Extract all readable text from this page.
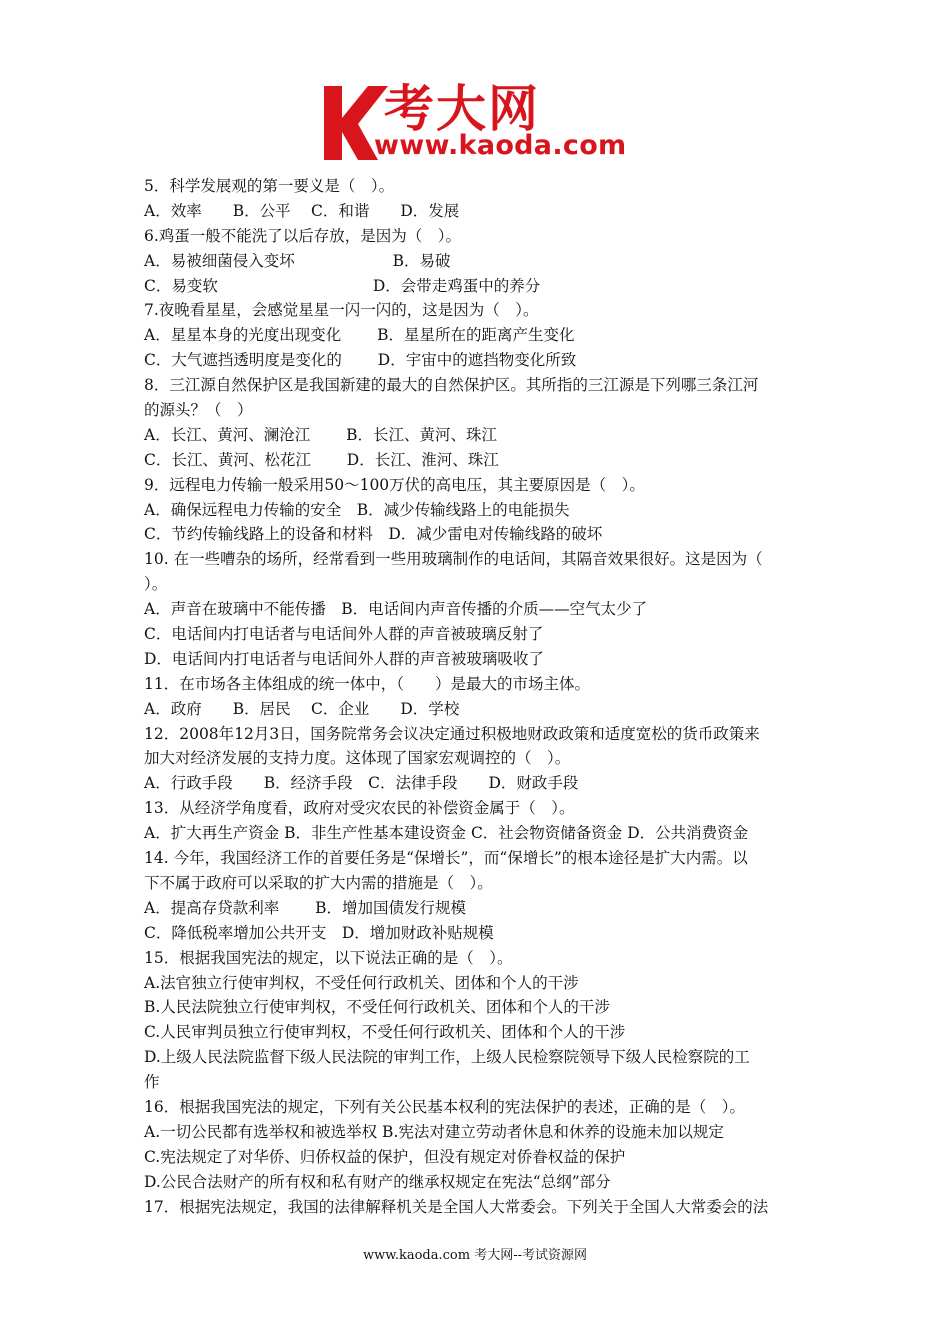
考大网
www.kaoda.com
5．科学发展观的第一要义是（　）。
A．效率　　B．公平　 C．和谐　　D．发展
6.鸡蛋一般不能洗了以后存放，是因为（　）。
A．易被细菌侵入变坏　　　　　　 B．易破
C．易变软　　　　　　　　　　D．会带走鸡蛋中的养分
7.夜晚看星星，会感觉星星一闪一闪的，这是因为（　）。
A．星星本身的光度出现变化　　 B．星星所在的距离产生变化
C．大气遮挡透明度是变化的　　 D．宇宙中的遮挡物变化所致
8．三江源自然保护区是我国新建的最大的自然保护区。其所指的三江源是下列哪三条江河
的源头？（　）
A．长江、黄河、澜沧江　　 B．长江、黄河、珠江
C．长江、黄河、松花江　　 D．长江、淮河、珠江
9．远程电力传输一般采用50～100万伏的高电压，其主要原因是（　）。
A．确保远程电力传输的安全　B．减少传输线路上的电能损失
C．节约传输线路上的设备和材料　D．减少雷电对传输线路的破坏
10. 在一些嘈杂的场所，经常看到一些用玻璃制作的电话间，其隔音效果很好。这是因为（
）。
A．声音在玻璃中不能传播　B．电话间内声音传播的介质——空气太少了
C．电话间内打电话者与电话间外人群的声音被玻璃反射了
D．电话间内打电话者与电话间外人群的声音被玻璃吸收了
11．在市场各主体组成的统一体中，（　　）是最大的市场主体。
A．政府　　B．居民　 C．企业　　D．学校
12．2008年12月3日，国务院常务会议决定通过积极地财政政策和适度宽松的货币政策来
加大对经济发展的支持力度。这体现了国家宏观调控的（　）。
A．行政手段　　B．经济手段　C．法律手段　　D．财政手段
13．从经济学角度看，政府对受灾农民的补偿资金属于（　）。
A．扩大再生产资金 B．非生产性基本建设资金 C．社会物资储备资金 D．公共消费资金
14. 今年，我国经济工作的首要任务是“保增长”，而“保增长”的根本途径是扩大内需。以
下不属于政府可以采取的扩大内需的措施是（　）。
A．提高存贷款利率　　 B．增加国债发行规模
C．降低税率增加公共开支　D．增加财政补贴规模
15．根据我国宪法的规定，以下说法正确的是（　）。
A.法官独立行使审判权，不受任何行政机关、团体和个人的干涉
B.人民法院独立行使审判权，不受任何行政机关、团体和个人的干涉
C.人民审判员独立行使审判权，不受任何行政机关、团体和个人的干涉
D.上级人民法院监督下级人民法院的审判工作，上级人民检察院领导下级人民检察院的工
作
16．根据我国宪法的规定，下列有关公民基本权利的宪法保护的表述，正确的是（　）。
A.一切公民都有选举权和被选举权 B.宪法对建立劳动者休息和休养的设施未加以规定
C.宪法规定了对华侨、归侨权益的保护，但没有规定对侨眷权益的保护
D.公民合法财产的所有权和私有财产的继承权规定在宪法“总纲”部分
17．根据宪法规定，我国的法律解释机关是全国人大常委会。下列关于全国人大常委会的法
www.kaoda.com 考大网--考试资源网
